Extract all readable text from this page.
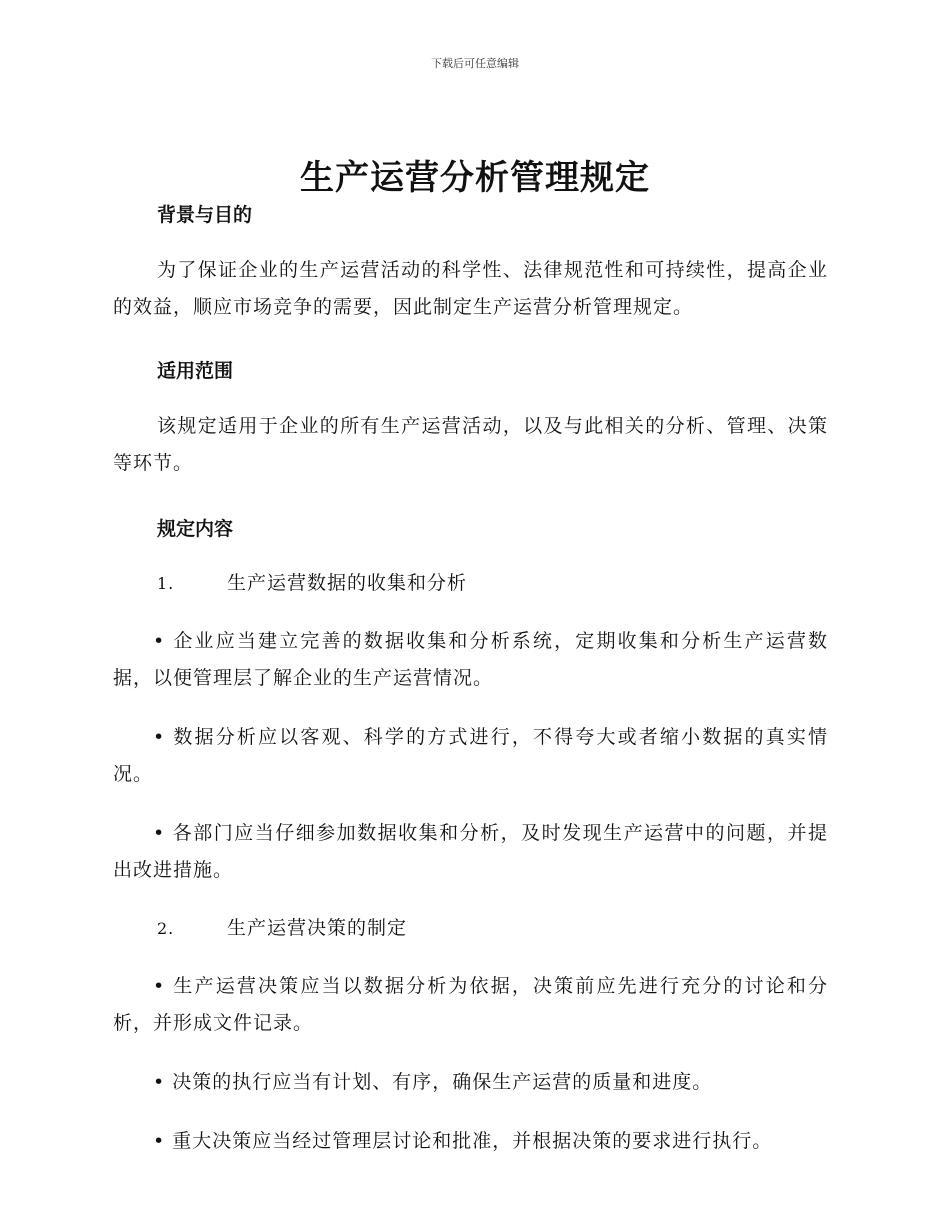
下载后可任意编辑
生产运营分析管理规定

背景与目的

为了保证企业的生产运营活动的科学性、法律规范性和可持续性，提高企业的效益，顺应市场竞争的需要，因此制定生产运营分析管理规定。

适用范围

该规定适用于企业的所有生产运营活动，以及与此相关的分析、管理、决策等环节。

规定内容

1.	生产运营数据的收集和分析

• 企业应当建立完善的数据收集和分析系统，定期收集和分析生产运营数据，以便管理层了解企业的生产运营情况。

• 数据分析应以客观、科学的方式进行，不得夸大或者缩小数据的真实情况。

• 各部门应当仔细参加数据收集和分析，及时发现生产运营中的问题，并提出改进措施。

2.	生产运营决策的制定

• 生产运营决策应当以数据分析为依据，决策前应先进行充分的讨论和分析，并形成文件记录。

• 决策的执行应当有计划、有序，确保生产运营的质量和进度。

• 重大决策应当经过管理层讨论和批准，并根据决策的要求进行执行。
